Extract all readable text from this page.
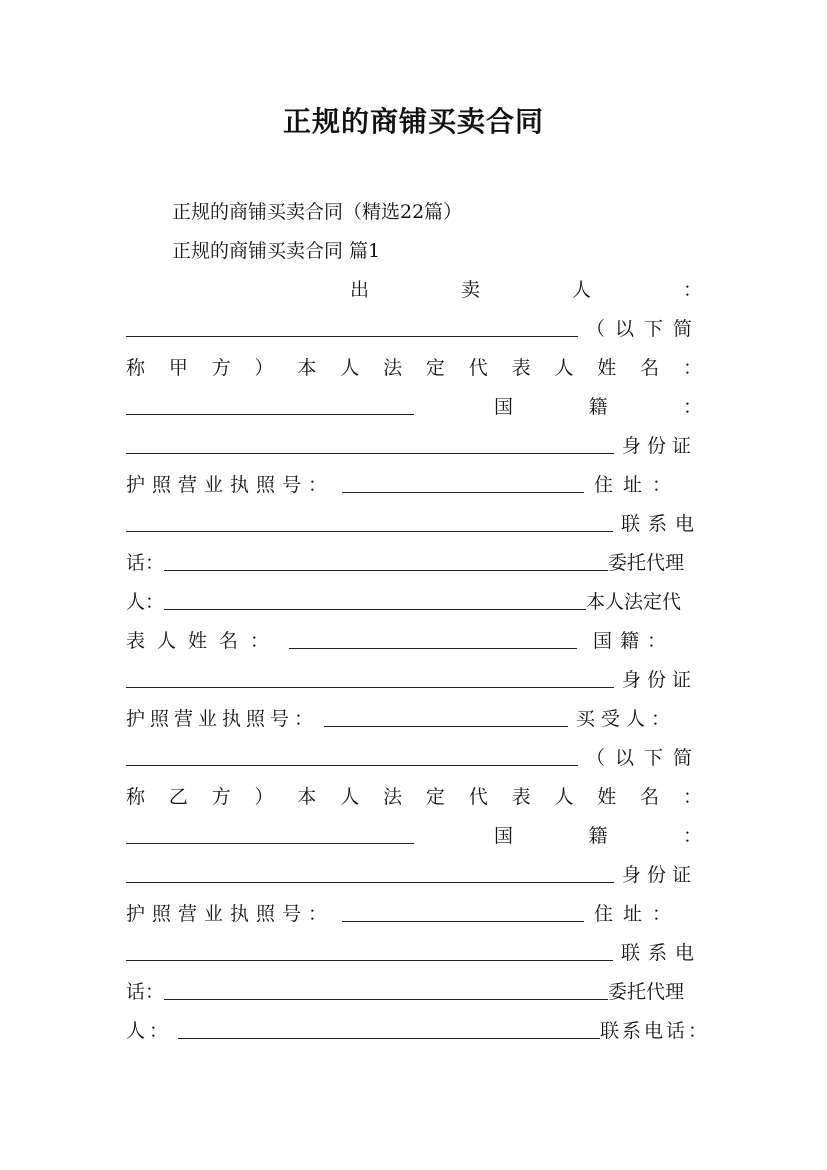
正规的商铺买卖合同
正规的商铺买卖合同（精选22篇）
正规的商铺买卖合同 篇1
出	卖	人	：
（以下简
称 甲 方 ） 本 人 法 定 代 表 人 姓 名 ：
国	籍	：
身份证
护照营业执照号：	住址：
联系电
话：	委托代理
人：	本人法定代
表人姓名：	国籍：
身份证
护照营业执照号：	买受人：
（以下简
称 乙 方 ） 本 人 法 定 代 表 人 姓 名 ：
国	籍	：
身份证
护照营业执照号：	住址：
联系电
话：	委托代理
人：	联系电话：
